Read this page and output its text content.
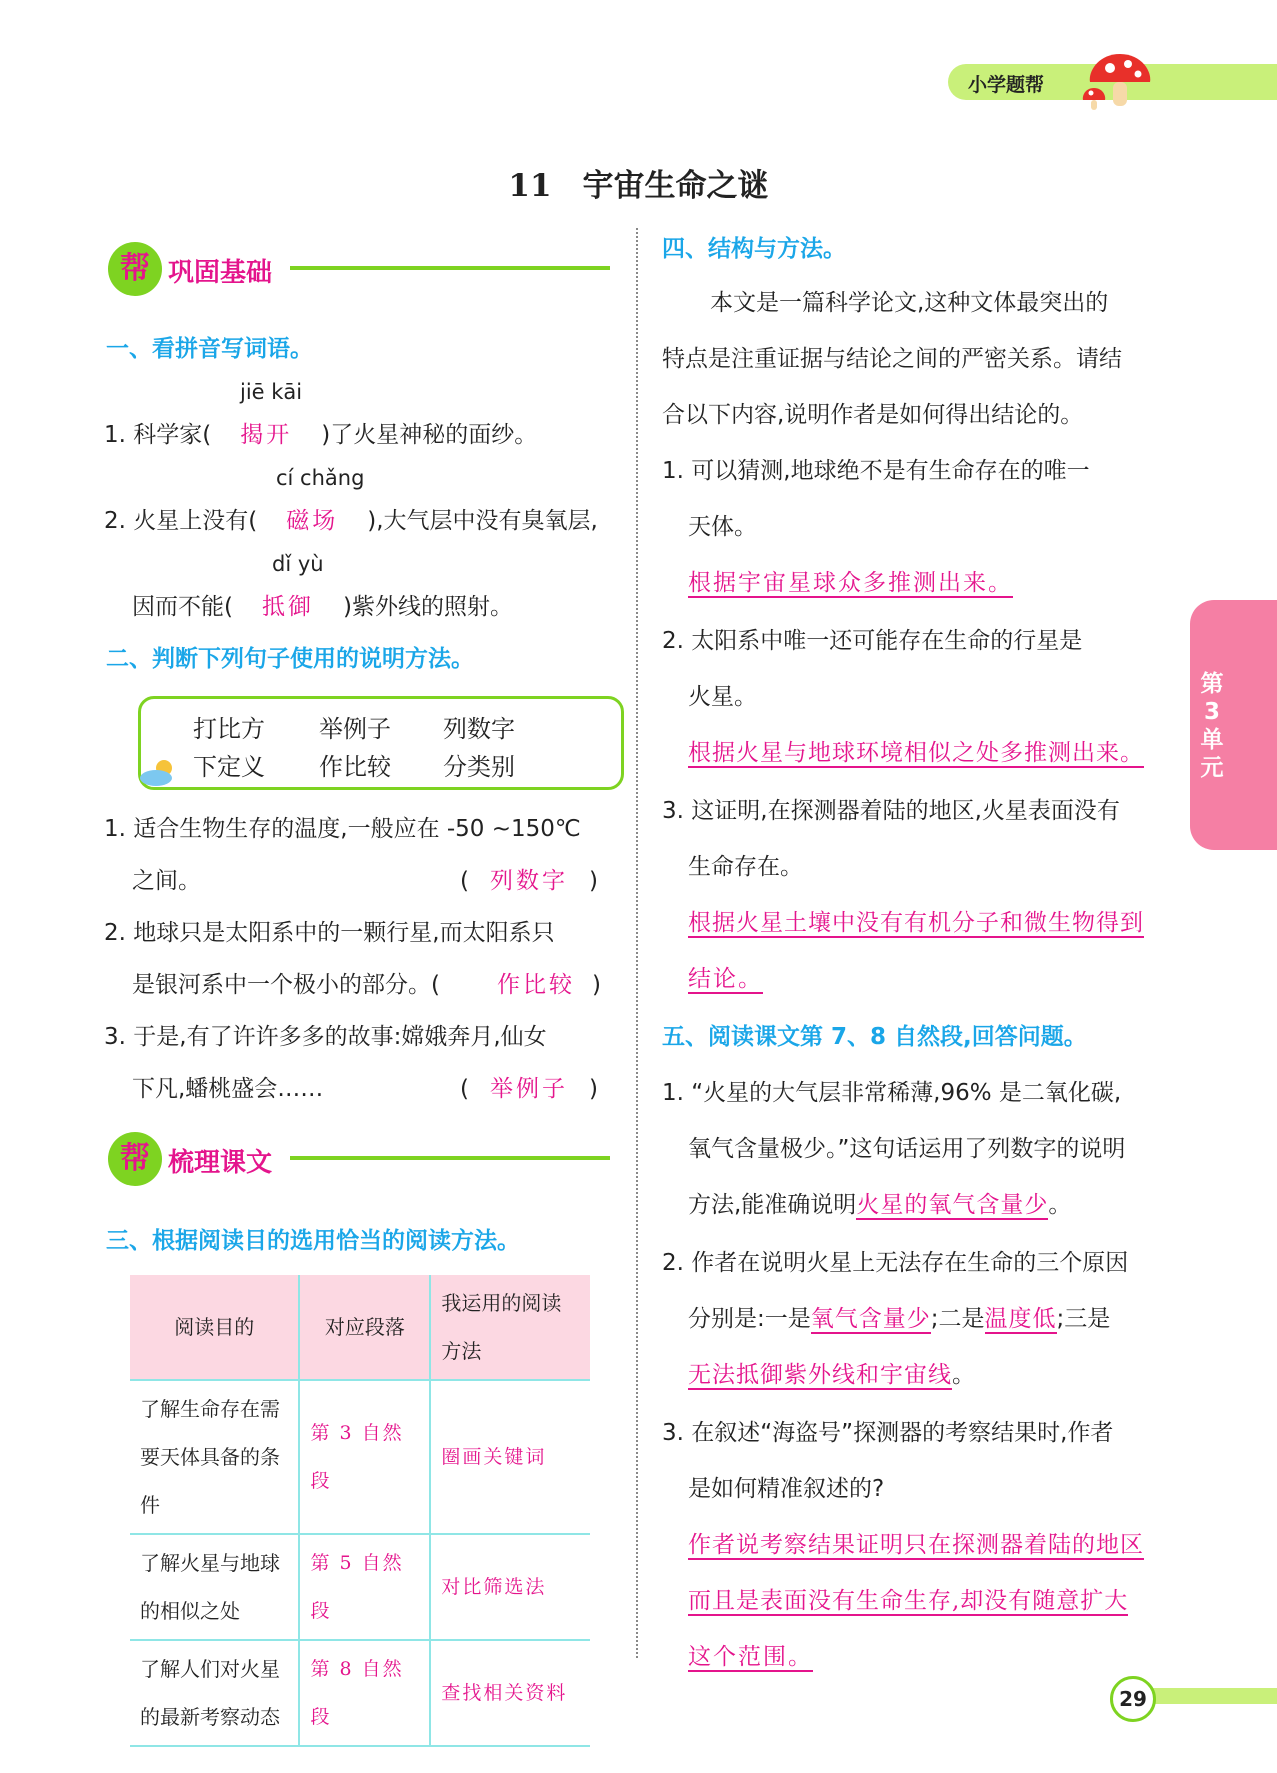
小学题帮
11　宇宙生命之谜
帮 巩固基础
一、看拼音写词语。
jiē kāi
1. 科学家( 揭开 )了火星神秘的面纱。
cí chǎng
2. 火星上没有( 磁场 ),大气层中没有臭氧层,
dǐ yù
因而不能( 抵御 )紫外线的照射。
二、判断下列句子使用的说明方法。
打比方 举例子 列数字
下定义 作比较 分类别
1. 适合生物生存的温度,一般应在 -50 ~150℃
之间。	( 列数字 )
2. 地球只是太阳系中的一颗行星,而太阳系只
是银河系中一个极小的部分。(	作比较 )
3. 于是,有了许许多多的故事:嫦娥奔月,仙女
下凡,蟠桃盛会……	( 举例子 )
帮 梳理课文
三、根据阅读目的选用恰当的阅读方法。
阅读目的	对应段落	我运用的阅读方法
了解生命存在需要天体具备的条件	第 3 自然段	圈画关键词
了解火星与地球的相似之处	第 5 自然段	对比筛选法
了解人们对火星的最新考察动态	第 8 自然段	查找相关资料
四、结构与方法。
本文是一篇科学论文,这种文体最突出的
特点是注重证据与结论之间的严密关系。请结
合以下内容,说明作者是如何得出结论的。
1. 可以猜测,地球绝不是有生命存在的唯一
天体。
根据宇宙星球众多推测出来。
2. 太阳系中唯一还可能存在生命的行星是
火星。
根据火星与地球环境相似之处多推测出来。
3. 这证明,在探测器着陆的地区,火星表面没有
生命存在。
根据火星土壤中没有有机分子和微生物得到
结论。
五、阅读课文第 7、8 自然段,回答问题。
1. “火星的大气层非常稀薄,96% 是二氧化碳,
氧气含量极少。”这句话运用了列数字的说明
方法,能准确说明火星的氧气含量少。
2. 作者在说明火星上无法存在生命的三个原因
分别是:一是氧气含量少;二是温度低;三是
无法抵御紫外线和宇宙线。
3. 在叙述“海盗号”探测器的考察结果时,作者
是如何精准叙述的?
作者说考察结果证明只在探测器着陆的地区
而且是表面没有生命生存,却没有随意扩大
这个范围。
第3单元
29
